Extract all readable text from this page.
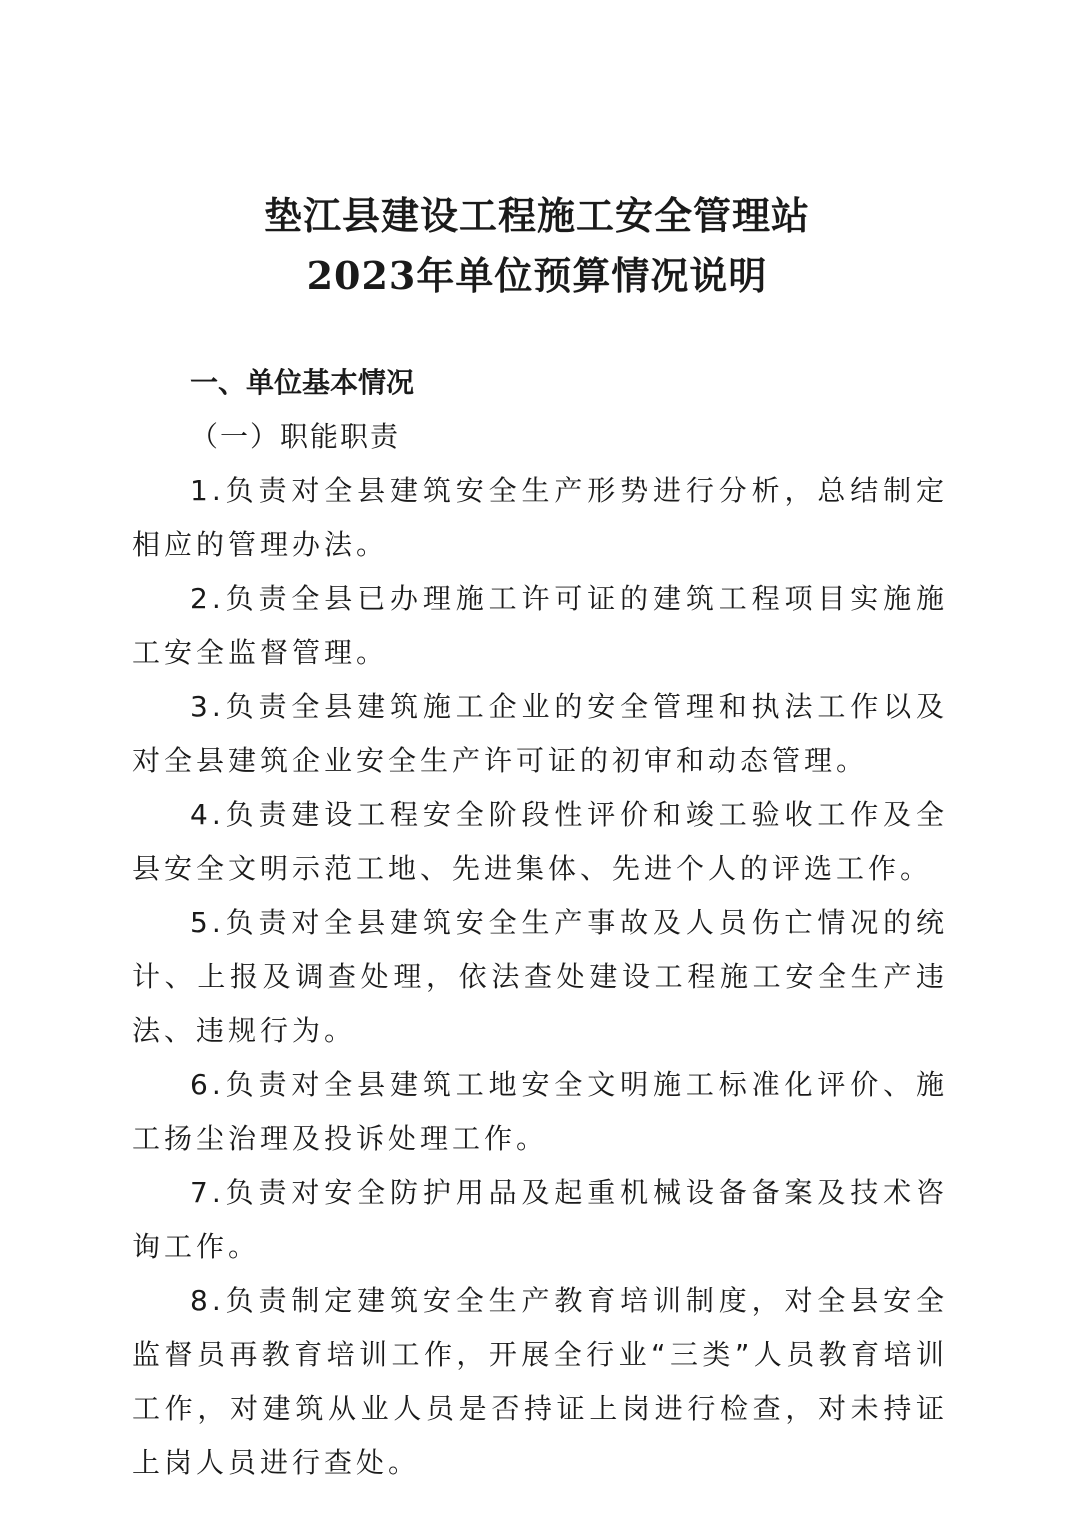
垫江县建设工程施工安全管理站
2023年单位预算情况说明

一、单位基本情况

（一）职能职责

1.负责对全县建筑安全生产形势进行分析，总结制定相应的管理办法。

2.负责全县已办理施工许可证的建筑工程项目实施施工安全监督管理。

3.负责全县建筑施工企业的安全管理和执法工作以及对全县建筑企业安全生产许可证的初审和动态管理。

4.负责建设工程安全阶段性评价和竣工验收工作及全县安全文明示范工地、先进集体、先进个人的评选工作。

5.负责对全县建筑安全生产事故及人员伤亡情况的统计、上报及调查处理，依法查处建设工程施工安全生产违法、违规行为。

6.负责对全县建筑工地安全文明施工标准化评价、施工扬尘治理及投诉处理工作。

7.负责对安全防护用品及起重机械设备备案及技术咨询工作。

8.负责制定建筑安全生产教育培训制度，对全县安全监督员再教育培训工作，开展全行业“三类”人员教育培训工作，对建筑从业人员是否持证上岗进行检查，对未持证上岗人员进行查处。
